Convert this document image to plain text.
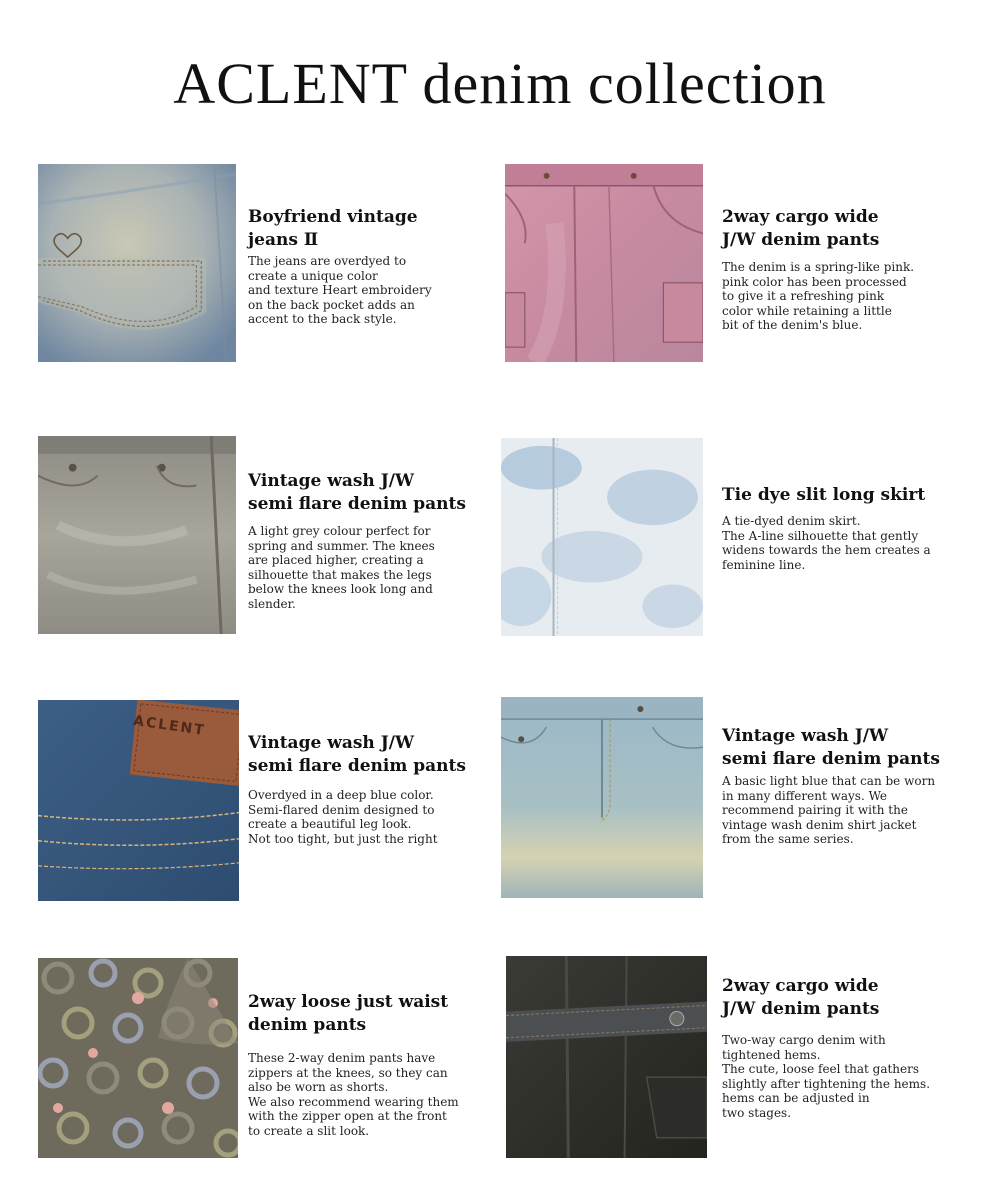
ACLENT denim collection

Boyfriend vintage
jeans Ⅱ

The jeans are overdyed to
create a unique color
and texture Heart embroidery
on the back pocket adds an
accent to the back style.

2way cargo wide
J/W denim pants

The denim is a spring-like pink.
pink color has been processed
to give it a refreshing pink
color while retaining a little
bit of the denim's blue.

Vintage wash J/W
semi flare denim pants

A light grey colour perfect for
spring and summer. The knees
are placed higher, creating a
silhouette that makes the legs
below the knees look long and
slender.

Tie dye slit long skirt

A tie-dyed denim skirt.
The A-line silhouette that gently
widens towards the hem creates a
feminine line.

ACLENT

Vintage wash J/W
semi flare denim pants

Overdyed in a deep blue color.
Semi-flared denim designed to
create a beautiful leg look.
Not too tight, but just the right

Vintage wash J/W
semi flare denim pants

A basic light blue that can be worn
in many different ways. We
recommend pairing it with the
vintage wash denim shirt jacket
from the same series.

2way loose just waist
denim pants

These 2-way denim pants have
zippers at the knees, so they can
also be worn as shorts.
We also recommend wearing them
with the zipper open at the front
to create a slit look.

2way cargo wide
J/W denim pants

Two-way cargo denim with
tightened hems.
The cute, loose feel that gathers
slightly after tightening the hems.
hems can be adjusted in
two stages.
